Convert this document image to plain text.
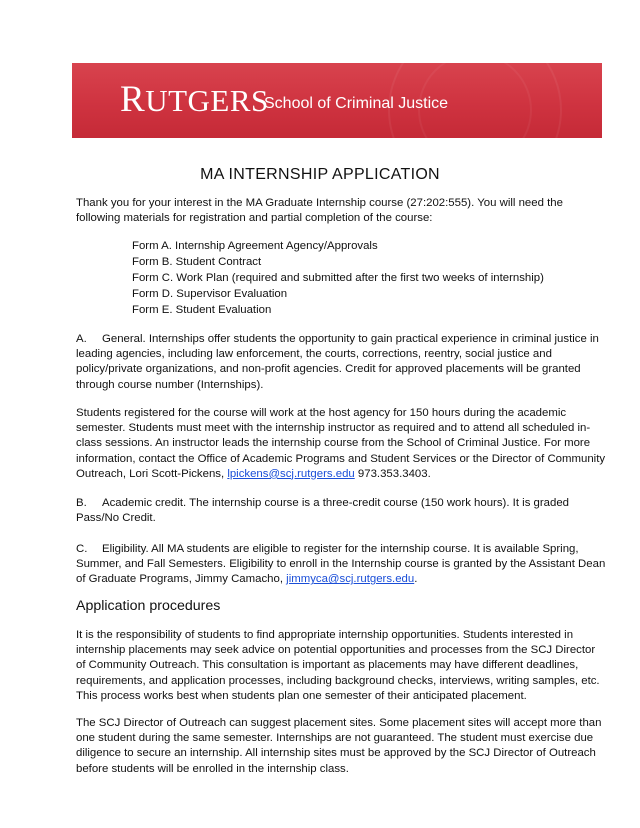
RUTGERS
School of Criminal Justice
MA INTERNSHIP APPLICATION
Thank you for your interest in the MA Graduate Internship course (27:202:555). You will need the following materials for registration and partial completion of the course:
Form A. Internship Agreement Agency/Approvals
Form B. Student Contract
Form C. Work Plan (required and submitted after the first two weeks of internship)
Form D. Supervisor Evaluation
Form E. Student Evaluation
A. General. Internships offer students the opportunity to gain practical experience in criminal justice in leading agencies, including law enforcement, the courts, corrections, reentry, social justice and policy/private organizations, and non-profit agencies. Credit for approved placements will be granted through course number (Internships).
Students registered for the course will work at the host agency for 150 hours during the academic semester. Students must meet with the internship instructor as required and to attend all scheduled in-class sessions. An instructor leads the internship course from the School of Criminal Justice. For more information, contact the Office of Academic Programs and Student Services or the Director of Community Outreach, Lori Scott-Pickens, lpickens@scj.rutgers.edu 973.353.3403.
B. Academic credit. The internship course is a three-credit course (150 work hours). It is graded Pass/No Credit.
C. Eligibility. All MA students are eligible to register for the internship course. It is available Spring, Summer, and Fall Semesters. Eligibility to enroll in the Internship course is granted by the Assistant Dean of Graduate Programs, Jimmy Camacho, jimmyca@scj.rutgers.edu.
Application procedures
It is the responsibility of students to find appropriate internship opportunities. Students interested in internship placements may seek advice on potential opportunities and processes from the SCJ Director of Community Outreach. This consultation is important as placements may have different deadlines, requirements, and application processes, including background checks, interviews, writing samples, etc. This process works best when students plan one semester of their anticipated placement.
The SCJ Director of Outreach can suggest placement sites. Some placement sites will accept more than one student during the same semester. Internships are not guaranteed. The student must exercise due diligence to secure an internship. All internship sites must be approved by the SCJ Director of Outreach before students will be enrolled in the internship class.
